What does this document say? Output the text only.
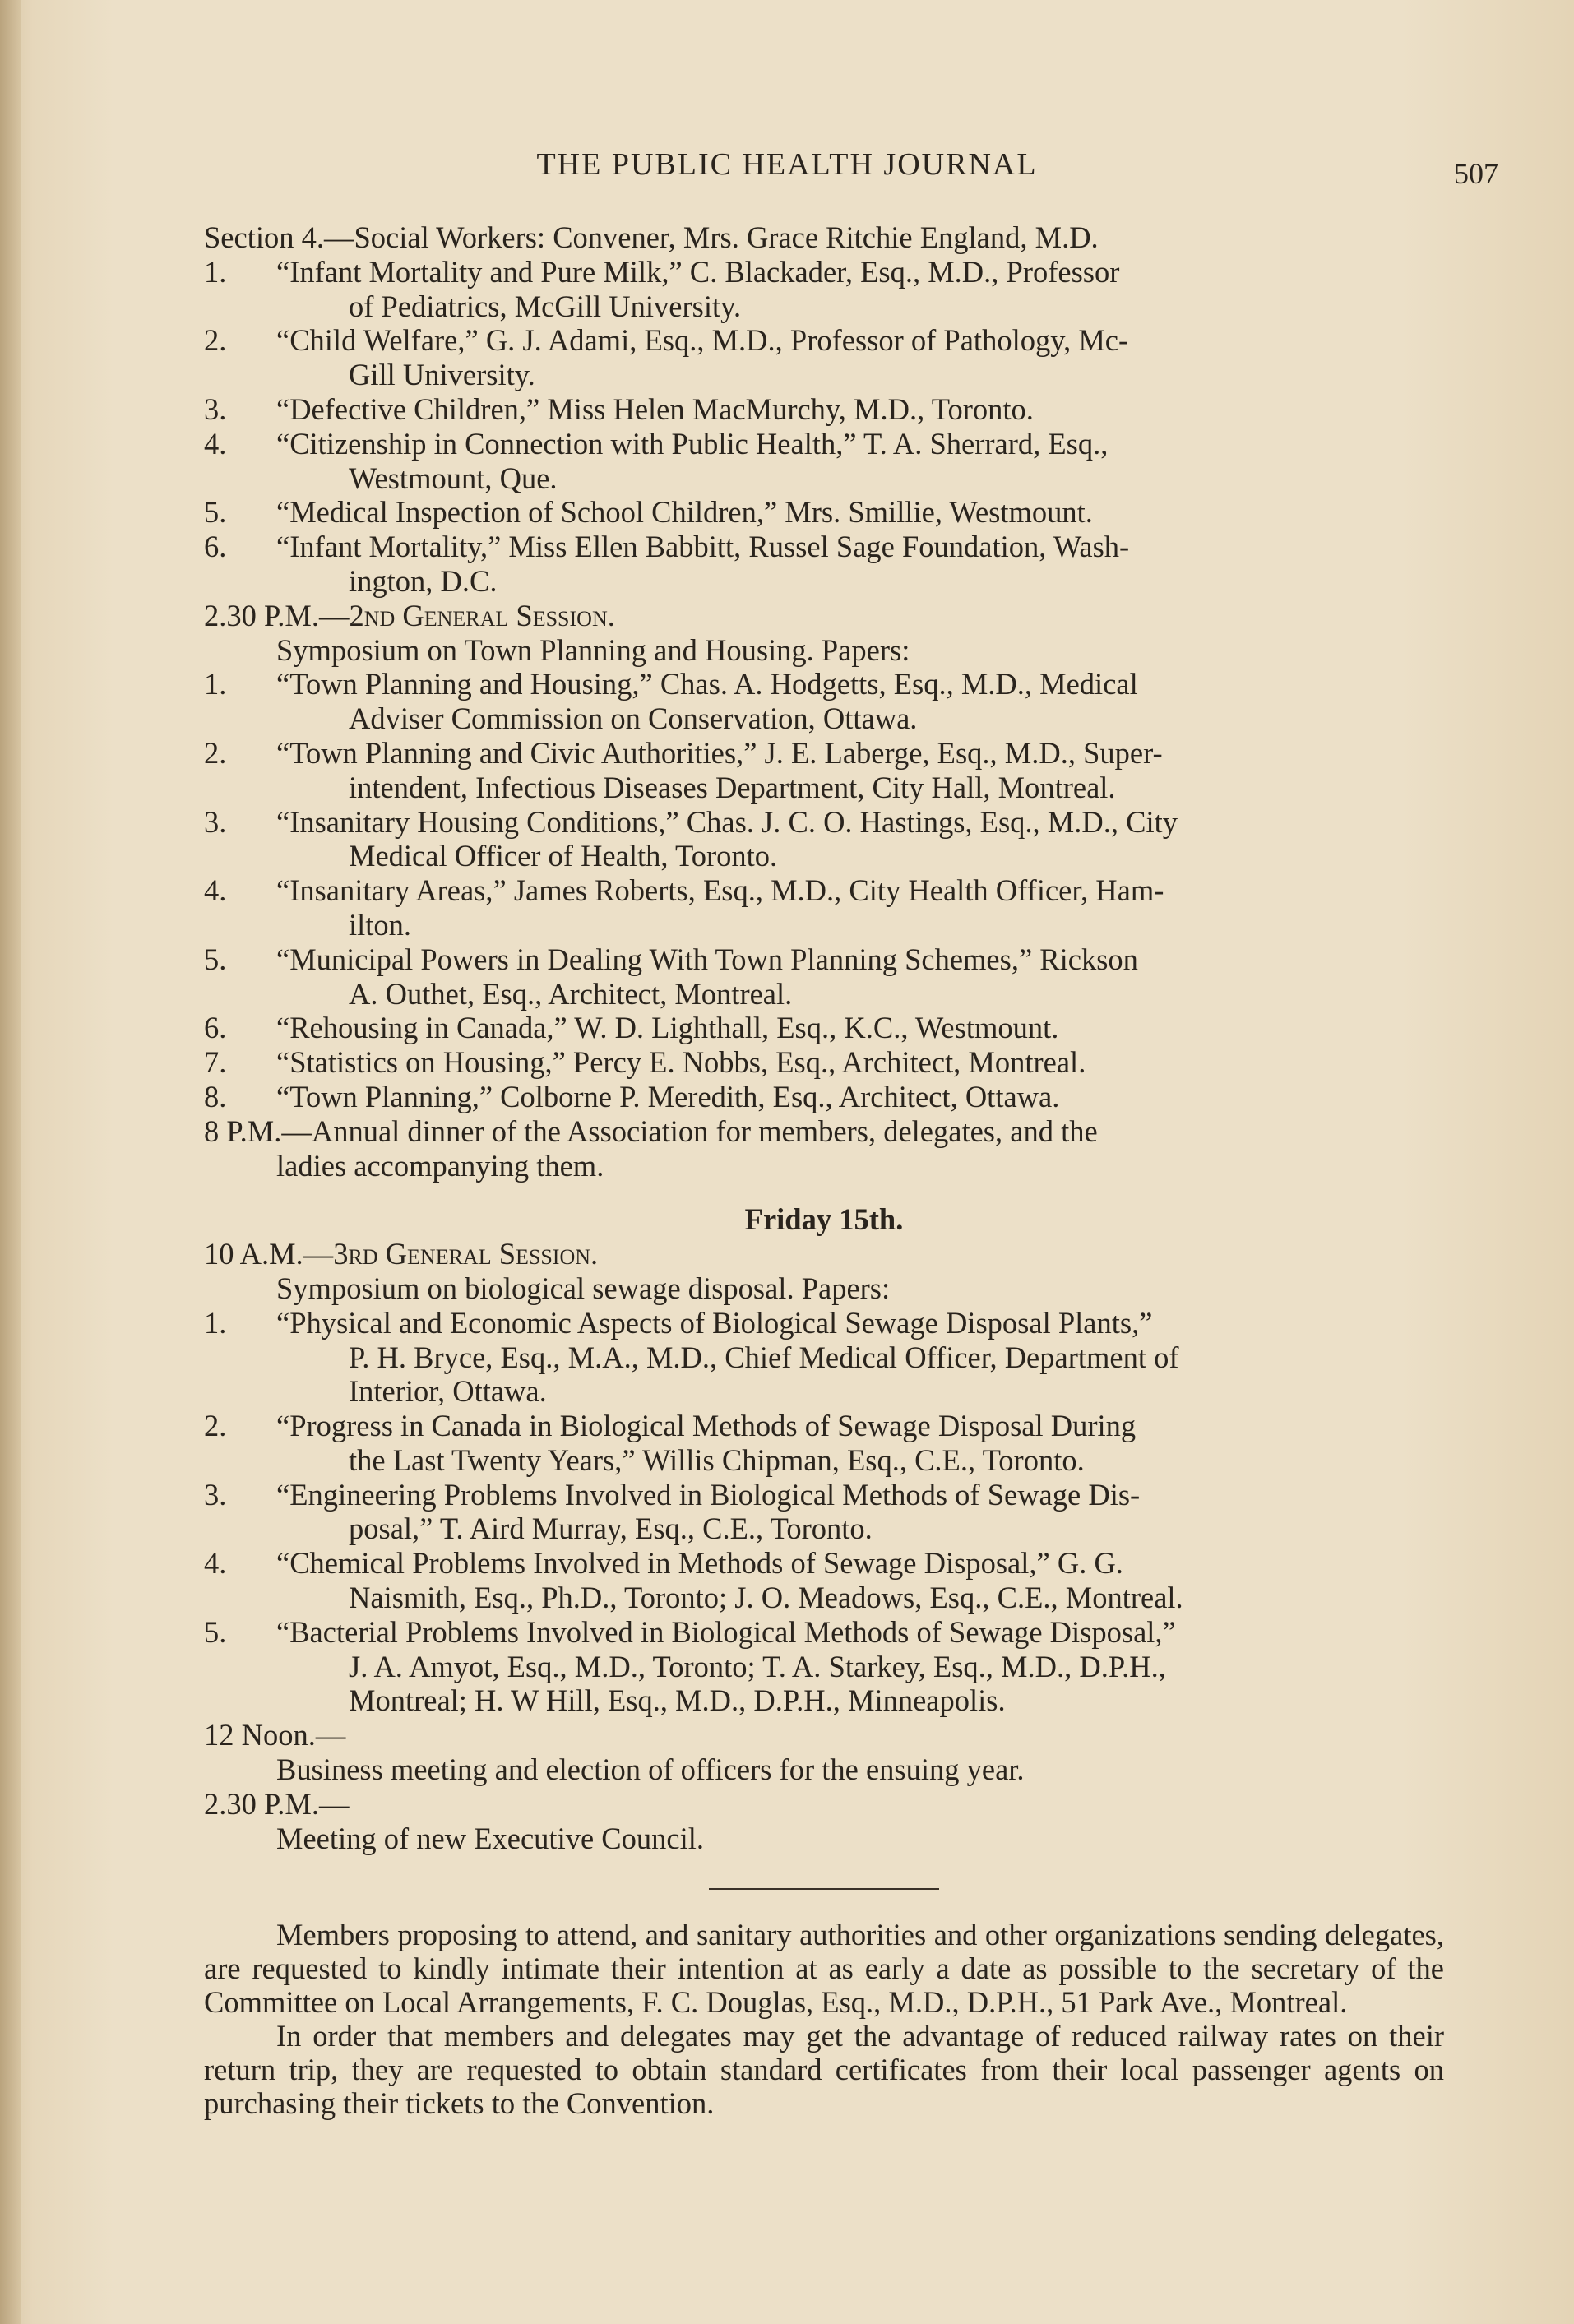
THE PUBLIC HEALTH JOURNAL	507
Section 4.—Social Workers: Convener, Mrs. Grace Ritchie England, M.D.
1.	“Infant Mortality and Pure Milk,” C. Blackader, Esq., M.D., Professor
of Pediatrics, McGill University.
2.	“Child Welfare,” G. J. Adami, Esq., M.D., Professor of Pathology, Mc-
Gill University.
3.	“Defective Children,” Miss Helen MacMurchy, M.D., Toronto.
4.	“Citizenship in Connection with Public Health,” T. A. Sherrard, Esq.,
Westmount, Que.
5.	“Medical Inspection of School Children,” Mrs. Smillie, Westmount.
6.	“Infant Mortality,” Miss Ellen Babbitt, Russel Sage Foundation, Wash-
ington, D.C.
2.30 P.M.—2nd General Session.
Symposium on Town Planning and Housing. Papers:
1.	“Town Planning and Housing,” Chas. A. Hodgetts, Esq., M.D., Medical
Adviser Commission on Conservation, Ottawa.
2.	“Town Planning and Civic Authorities,” J. E. Laberge, Esq., M.D., Super-
intendent, Infectious Diseases Department, City Hall, Montreal.
3.	“Insanitary Housing Conditions,” Chas. J. C. O. Hastings, Esq., M.D., City
Medical Officer of Health, Toronto.
4.	“Insanitary Areas,” James Roberts, Esq., M.D., City Health Officer, Ham-
ilton.
5.	“Municipal Powers in Dealing With Town Planning Schemes,” Rickson
A. Outhet, Esq., Architect, Montreal.
6.	“Rehousing in Canada,” W. D. Lighthall, Esq., K.C., Westmount.
7.	“Statistics on Housing,” Percy E. Nobbs, Esq., Architect, Montreal.
8.	“Town Planning,” Colborne P. Meredith, Esq., Architect, Ottawa.
8 P.M.—Annual dinner of the Association for members, delegates, and the
ladies accompanying them.
Friday 15th.
10 A.M.—3rd General Session.
Symposium on biological sewage disposal. Papers:
1.	“Physical and Economic Aspects of Biological Sewage Disposal Plants,”
P. H. Bryce, Esq., M.A., M.D., Chief Medical Officer, Department of
Interior, Ottawa.
2.	“Progress in Canada in Biological Methods of Sewage Disposal During
the Last Twenty Years,” Willis Chipman, Esq., C.E., Toronto.
3.	“Engineering Problems Involved in Biological Methods of Sewage Dis-
posal,” T. Aird Murray, Esq., C.E., Toronto.
4.	“Chemical Problems Involved in Methods of Sewage Disposal,” G. G.
Naismith, Esq., Ph.D., Toronto; J. O. Meadows, Esq., C.E., Montreal.
5.	“Bacterial Problems Involved in Biological Methods of Sewage Disposal,”
J. A. Amyot, Esq., M.D., Toronto; T. A. Starkey, Esq., M.D., D.P.H.,
Montreal; H. W Hill, Esq., M.D., D.P.H., Minneapolis.
12 Noon.—
Business meeting and election of officers for the ensuing year.
2.30 P.M.—
Meeting of new Executive Council.

Members proposing to attend, and sanitary authorities and other organizations sending delegates, are requested to kindly intimate their intention at as early a date as possible to the secretary of the Committee on Local Arrangements, F. C. Douglas, Esq., M.D., D.P.H., 51 Park Ave., Montreal.

In order that members and delegates may get the advantage of reduced railway rates on their return trip, they are requested to obtain standard certificates from their local passenger agents on purchasing their tickets to the Convention.
